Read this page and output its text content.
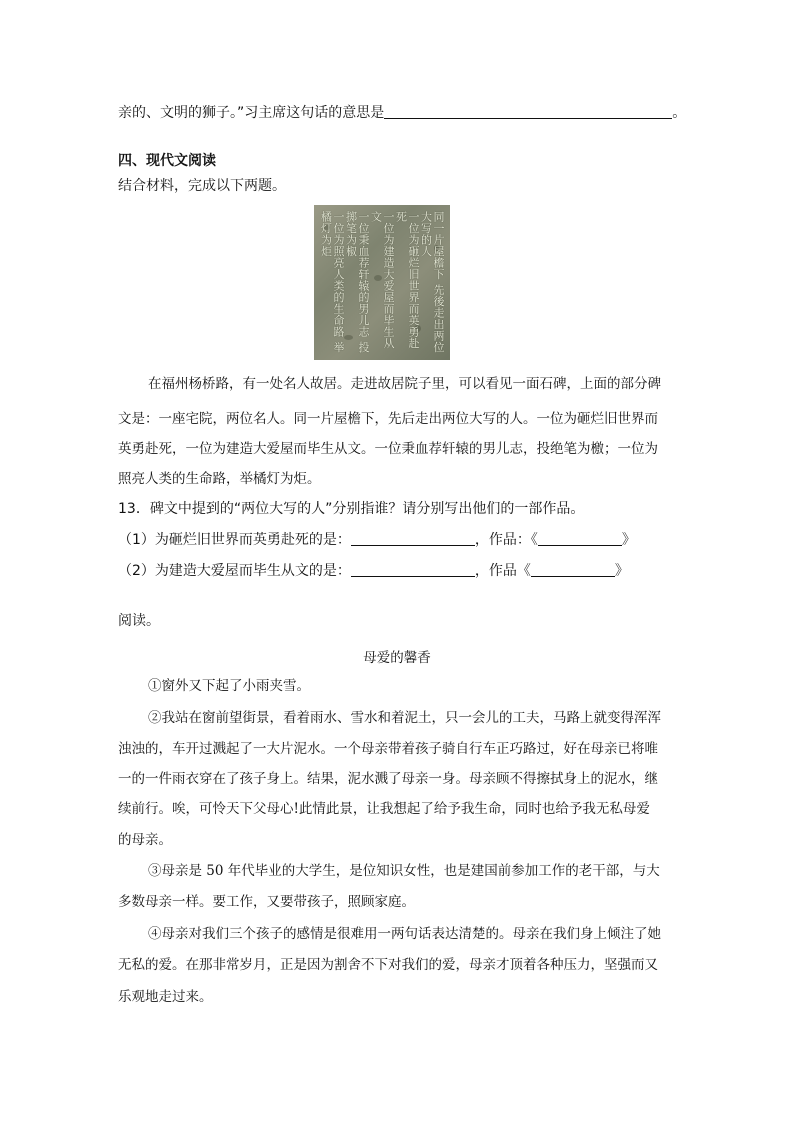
亲的、文明的狮子。”习主席这句话的意思是	。
四、现代文阅读
结合材料，完成以下两题。
同一片屋檐下 先後走出两位大写的人
一位为砸烂旧世界而英勇赴死
一位为建造大爱屋而毕生从文
一位秉血荐轩辕的男儿志 投掷笔为椒
一位为照亮人类的生命路 举橘灯为炬
在福州杨桥路，有一处名人故居。走进故居院子里，可以看见一面石碑，上面的部分碑
文是：一座宅院，两位名人。同一片屋檐下，先后走出两位大写的人。一位为砸烂旧世界而
英勇赴死，一位为建造大爱屋而毕生从文。一位秉血荐轩辕的男儿志，投绝笔为檄；一位为
照亮人类的生命路，举橘灯为炬。
13．碑文中提到的“两位大写的人”分别指谁？请分别写出他们的一部作品。
（1）为砸烂旧世界而英勇赴死的是：	，作品：《	》
（2）为建造大爱屋而毕生从文的是：	，作品《	》
阅读。
母爱的馨香
①窗外又下起了小雨夹雪。
②我站在窗前望街景，看着雨水、雪水和着泥土，只一会儿的工夫，马路上就变得浑浑
浊浊的，车开过溅起了一大片泥水。一个母亲带着孩子骑自行车正巧路过，好在母亲已将唯
一的一件雨衣穿在了孩子身上。结果，泥水溅了母亲一身。母亲顾不得擦拭身上的泥水，继
续前行。唉，可怜天下父母心!此情此景，让我想起了给予我生命，同时也给予我无私母爱
的母亲。
③母亲是 50 年代毕业的大学生，是位知识女性，也是建国前参加工作的老干部，与大
多数母亲一样。要工作，又要带孩子，照顾家庭。
④母亲对我们三个孩子的感情是很难用一两句话表达清楚的。母亲在我们身上倾注了她
无私的爱。在那非常岁月，正是因为割舍不下对我们的爱，母亲才顶着各种压力，坚强而又
乐观地走过来。
